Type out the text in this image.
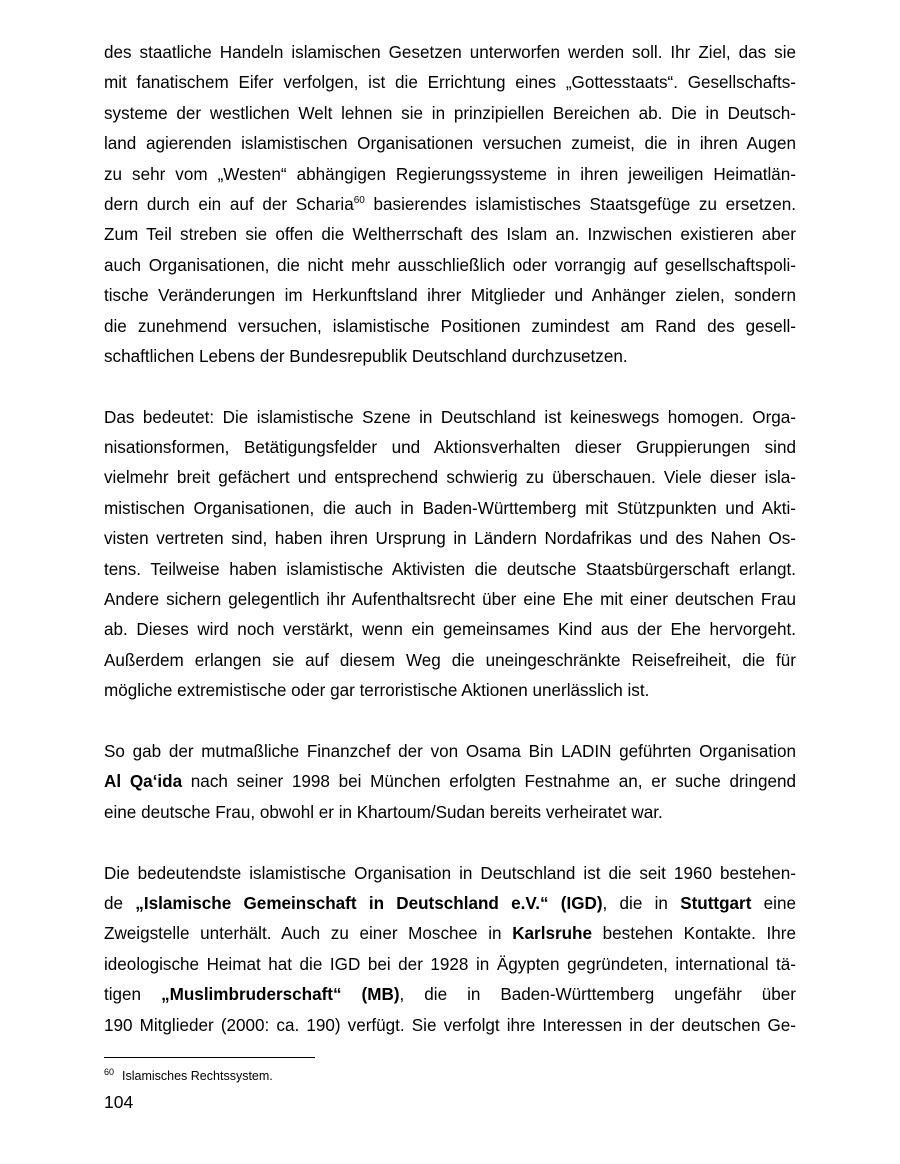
des staatliche Handeln islamischen Gesetzen unterworfen werden soll. Ihr Ziel, das sie
mit fanatischem Eifer verfolgen, ist die Errichtung eines „Gottesstaats“. Gesellschafts-
systeme der westlichen Welt lehnen sie in prinzipiellen Bereichen ab. Die in Deutsch-
land agierenden islamistischen Organisationen versuchen zumeist, die in ihren Augen
zu sehr vom „Westen“ abhängigen Regierungssysteme in ihren jeweiligen Heimatlän-
dern durch ein auf der Scharia$^{60}$ basierendes islamistisches Staatsgefüge zu ersetzen.
Zum Teil streben sie offen die Weltherrschaft des Islam an. Inzwischen existieren aber
auch Organisationen, die nicht mehr ausschließlich oder vorrangig auf gesellschaftspoli-
tische Veränderungen im Herkunftsland ihrer Mitglieder und Anhänger zielen, sondern
die zunehmend versuchen, islamistische Positionen zumindest am Rand des gesell-
schaftlichen Lebens der Bundesrepublik Deutschland durchzusetzen.

Das bedeutet: Die islamistische Szene in Deutschland ist keineswegs homogen. Orga-
nisationsformen, Betätigungsfelder und Aktionsverhalten dieser Gruppierungen sind
vielmehr breit gefächert und entsprechend schwierig zu überschauen. Viele dieser isla-
mistischen Organisationen, die auch in Baden-Württemberg mit Stützpunkten und Akti-
visten vertreten sind, haben ihren Ursprung in Ländern Nordafrikas und des Nahen Os-
tens. Teilweise haben islamistische Aktivisten die deutsche Staatsbürgerschaft erlangt.
Andere sichern gelegentlich ihr Aufenthaltsrecht über eine Ehe mit einer deutschen Frau
ab. Dieses wird noch verstärkt, wenn ein gemeinsames Kind aus der Ehe hervorgeht.
Außerdem erlangen sie auf diesem Weg die uneingeschränkte Reisefreiheit, die für
mögliche extremistische oder gar terroristische Aktionen unerlässlich ist.

So gab der mutmaßliche Finanzchef der von Osama Bin LADIN geführten Organisation
Al Qa‘ida nach seiner 1998 bei München erfolgten Festnahme an, er suche dringend
eine deutsche Frau, obwohl er in Khartoum/Sudan bereits verheiratet war.

Die bedeutendste islamistische Organisation in Deutschland ist die seit 1960 bestehen-
de „Islamische Gemeinschaft in Deutschland e.V.“ (IGD), die in Stuttgart eine
Zweigstelle unterhält. Auch zu einer Moschee in Karlsruhe bestehen Kontakte. Ihre
ideologische Heimat hat die IGD bei der 1928 in Ägypten gegründeten, international tä-
tigen „Muslimbruderschaft“ (MB), die in Baden-Württemberg ungefähr über
190 Mitglieder (2000: ca. 190) verfügt. Sie verfolgt ihre Interessen in der deutschen Ge-

$^{60}$ Islamisches Rechtssystem.
104
